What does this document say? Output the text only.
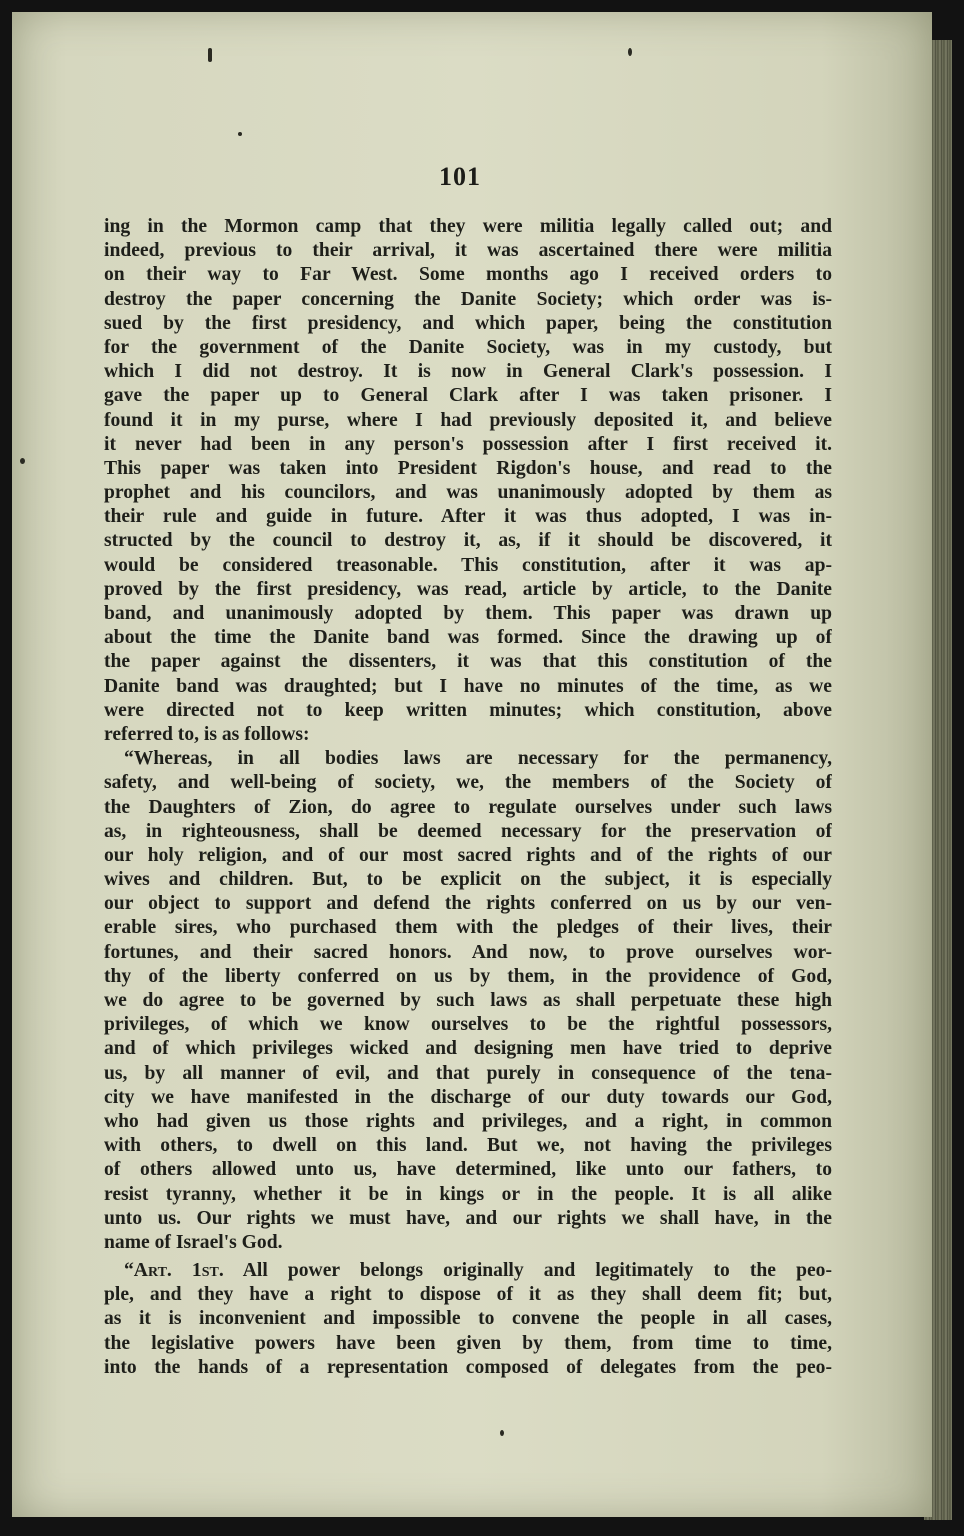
101
ing in the Mormon camp that they were militia legally called out; and
indeed, previous to their arrival, it was ascertained there were militia
on their way to Far West. Some months ago I received orders to
destroy the paper concerning the Danite Society; which order was is-
sued by the first presidency, and which paper, being the constitution
for the government of the Danite Society, was in my custody, but
which I did not destroy. It is now in General Clark's possession. I
gave the paper up to General Clark after I was taken prisoner. I
found it in my purse, where I had previously deposited it, and believe
it never had been in any person's possession after I first received it.
This paper was taken into President Rigdon's house, and read to the
prophet and his councilors, and was unanimously adopted by them as
their rule and guide in future. After it was thus adopted, I was in-
structed by the council to destroy it, as, if it should be discovered, it
would be considered treasonable. This constitution, after it was ap-
proved by the first presidency, was read, article by article, to the Danite
band, and unanimously adopted by them. This paper was drawn up
about the time the Danite band was formed. Since the drawing up of
the paper against the dissenters, it was that this constitution of the
Danite band was draughted; but I have no minutes of the time, as we
were directed not to keep written minutes; which constitution, above
referred to, is as follows:
“Whereas, in all bodies laws are necessary for the permanency,
safety, and well-being of society, we, the members of the Society of
the Daughters of Zion, do agree to regulate ourselves under such laws
as, in righteousness, shall be deemed necessary for the preservation of
our holy religion, and of our most sacred rights and of the rights of our
wives and children. But, to be explicit on the subject, it is especially
our object to support and defend the rights conferred on us by our ven-
erable sires, who purchased them with the pledges of their lives, their
fortunes, and their sacred honors. And now, to prove ourselves wor-
thy of the liberty conferred on us by them, in the providence of God,
we do agree to be governed by such laws as shall perpetuate these high
privileges, of which we know ourselves to be the rightful possessors,
and of which privileges wicked and designing men have tried to deprive
us, by all manner of evil, and that purely in consequence of the tena-
city we have manifested in the discharge of our duty towards our God,
who had given us those rights and privileges, and a right, in common
with others, to dwell on this land. But we, not having the privileges
of others allowed unto us, have determined, like unto our fathers, to
resist tyranny, whether it be in kings or in the people. It is all alike
unto us. Our rights we must have, and our rights we shall have, in the
name of Israel's God.
“Art. 1st. All power belongs originally and legitimately to the peo-
ple, and they have a right to dispose of it as they shall deem fit; but,
as it is inconvenient and impossible to convene the people in all cases,
the legislative powers have been given by them, from time to time,
into the hands of a representation composed of delegates from the peo-
